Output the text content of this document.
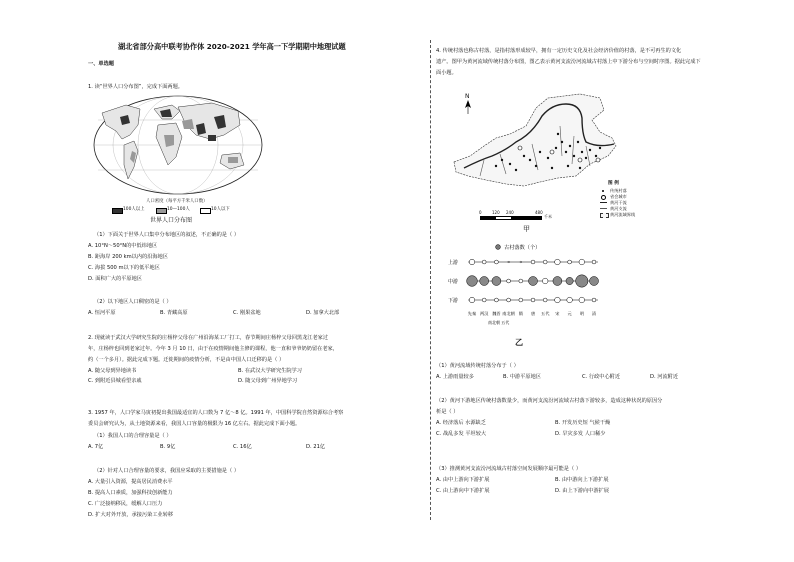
湖北省部分高中联考协作体 2020-2021 学年高一下学期期中地理试题
一、单选题
1. 读“世界人口分布图”，完成下面两题。
人口密度（每平方千米人口数）
100人以上	10—100人	10人以下
世界人口分布图
（1）下面关于世界人口集中分布地区的叙述，不正确的是（ ）
A. 10°N～50°N的中低纬地区
B. 距海岸 200 km以内的沿海地区
C. 海拔 500 m以下的低平地区
D. 面积广大的平原地区
（2）以下地区人口稠密的是（ ）
A. 恒河平原	B. 青藏高原	C. 刚果盆地	D. 加拿大北部
2. 现就读于武汉大学研究生院的庄杨梓父母在广州沿海某工厂打工，春节期间庄杨梓父母回黑龙江老家过
年，庄杨梓也回到老家过年。今年 3 月 10 日，由于在疫情期间他主修的课程，他一直和爷爷奶奶留在老家，
约（一个多月）。据此完成下题。迁徙期间的疫情分析，不是由中国人口迁移的是（ ）
A. 随父母到异地读书	B. 在武汉大学研究生院学习
C. 到附近县城看望亲戚	D. 随父母到广州异地学习
3. 1957 年，人口学家马寅初提出我国最适宜的人口数为 7 亿～8 亿。1991 年，中国科学院自然资源综合考察
委员会研究认为，从土地资源来看，我国人口容量的极限为 16 亿左右。据此完成下面小题。
（1）我国人口的合理容量是（ ）
A. 7亿	B. 9亿	C. 16亿	D. 21亿
（2）针对人口合理容量的要求，我国应采取的主要措施是（ ）
A. 大量引入资源，提高居民消费水平
B. 提高人口素质，加强科技创新能力
C. 广泛接纳移民，缓解人口压力
D. 扩大对外开放，承接污染工业转移
4. 传统村落也称古村落，是指村落形成较早，拥有一定历史文化及社会经济价值的村落，是不可再生的文化
遗产。图甲为黄河流域传统村落分布图，图乙表示黄河支流汾河流域古村落上中下游分布与空间时序图。据此完成下
面小题。
N
图 例
传统村落
省会城市
黄河干流
黄河支流
黄河流域界线
0	120 240	480
千米
甲
古村落数（个）
上游
中游
下游
先秦 两汉 魏晋 南北朝 隋 唐 五代 宋 元 明 清
南北朝 五代
乙
（1）黄河流域传统村落分布于（ ）
A. 上游雨量较多	B. 中游平原地区	C. 行政中心附近	D. 河流附近
（2）黄河下游地区传统村落数量少，而黄河支流汾河流域古村落下游较多，造成这种状况的原因分
析是（ ）
A. 经济落后 水源缺乏	B. 开发历史短 气候干燥
C. 战乱多发 平坦较大	D. 旱灾多发 人口稀少
（3）推测黄河支流汾河流域古村落空间发展顺序最可能是（ ）
A. 由中上游向下游扩展	B. 由中游向上下游扩展
C. 由上游向中下游扩展	D. 由上下游向中游扩展
